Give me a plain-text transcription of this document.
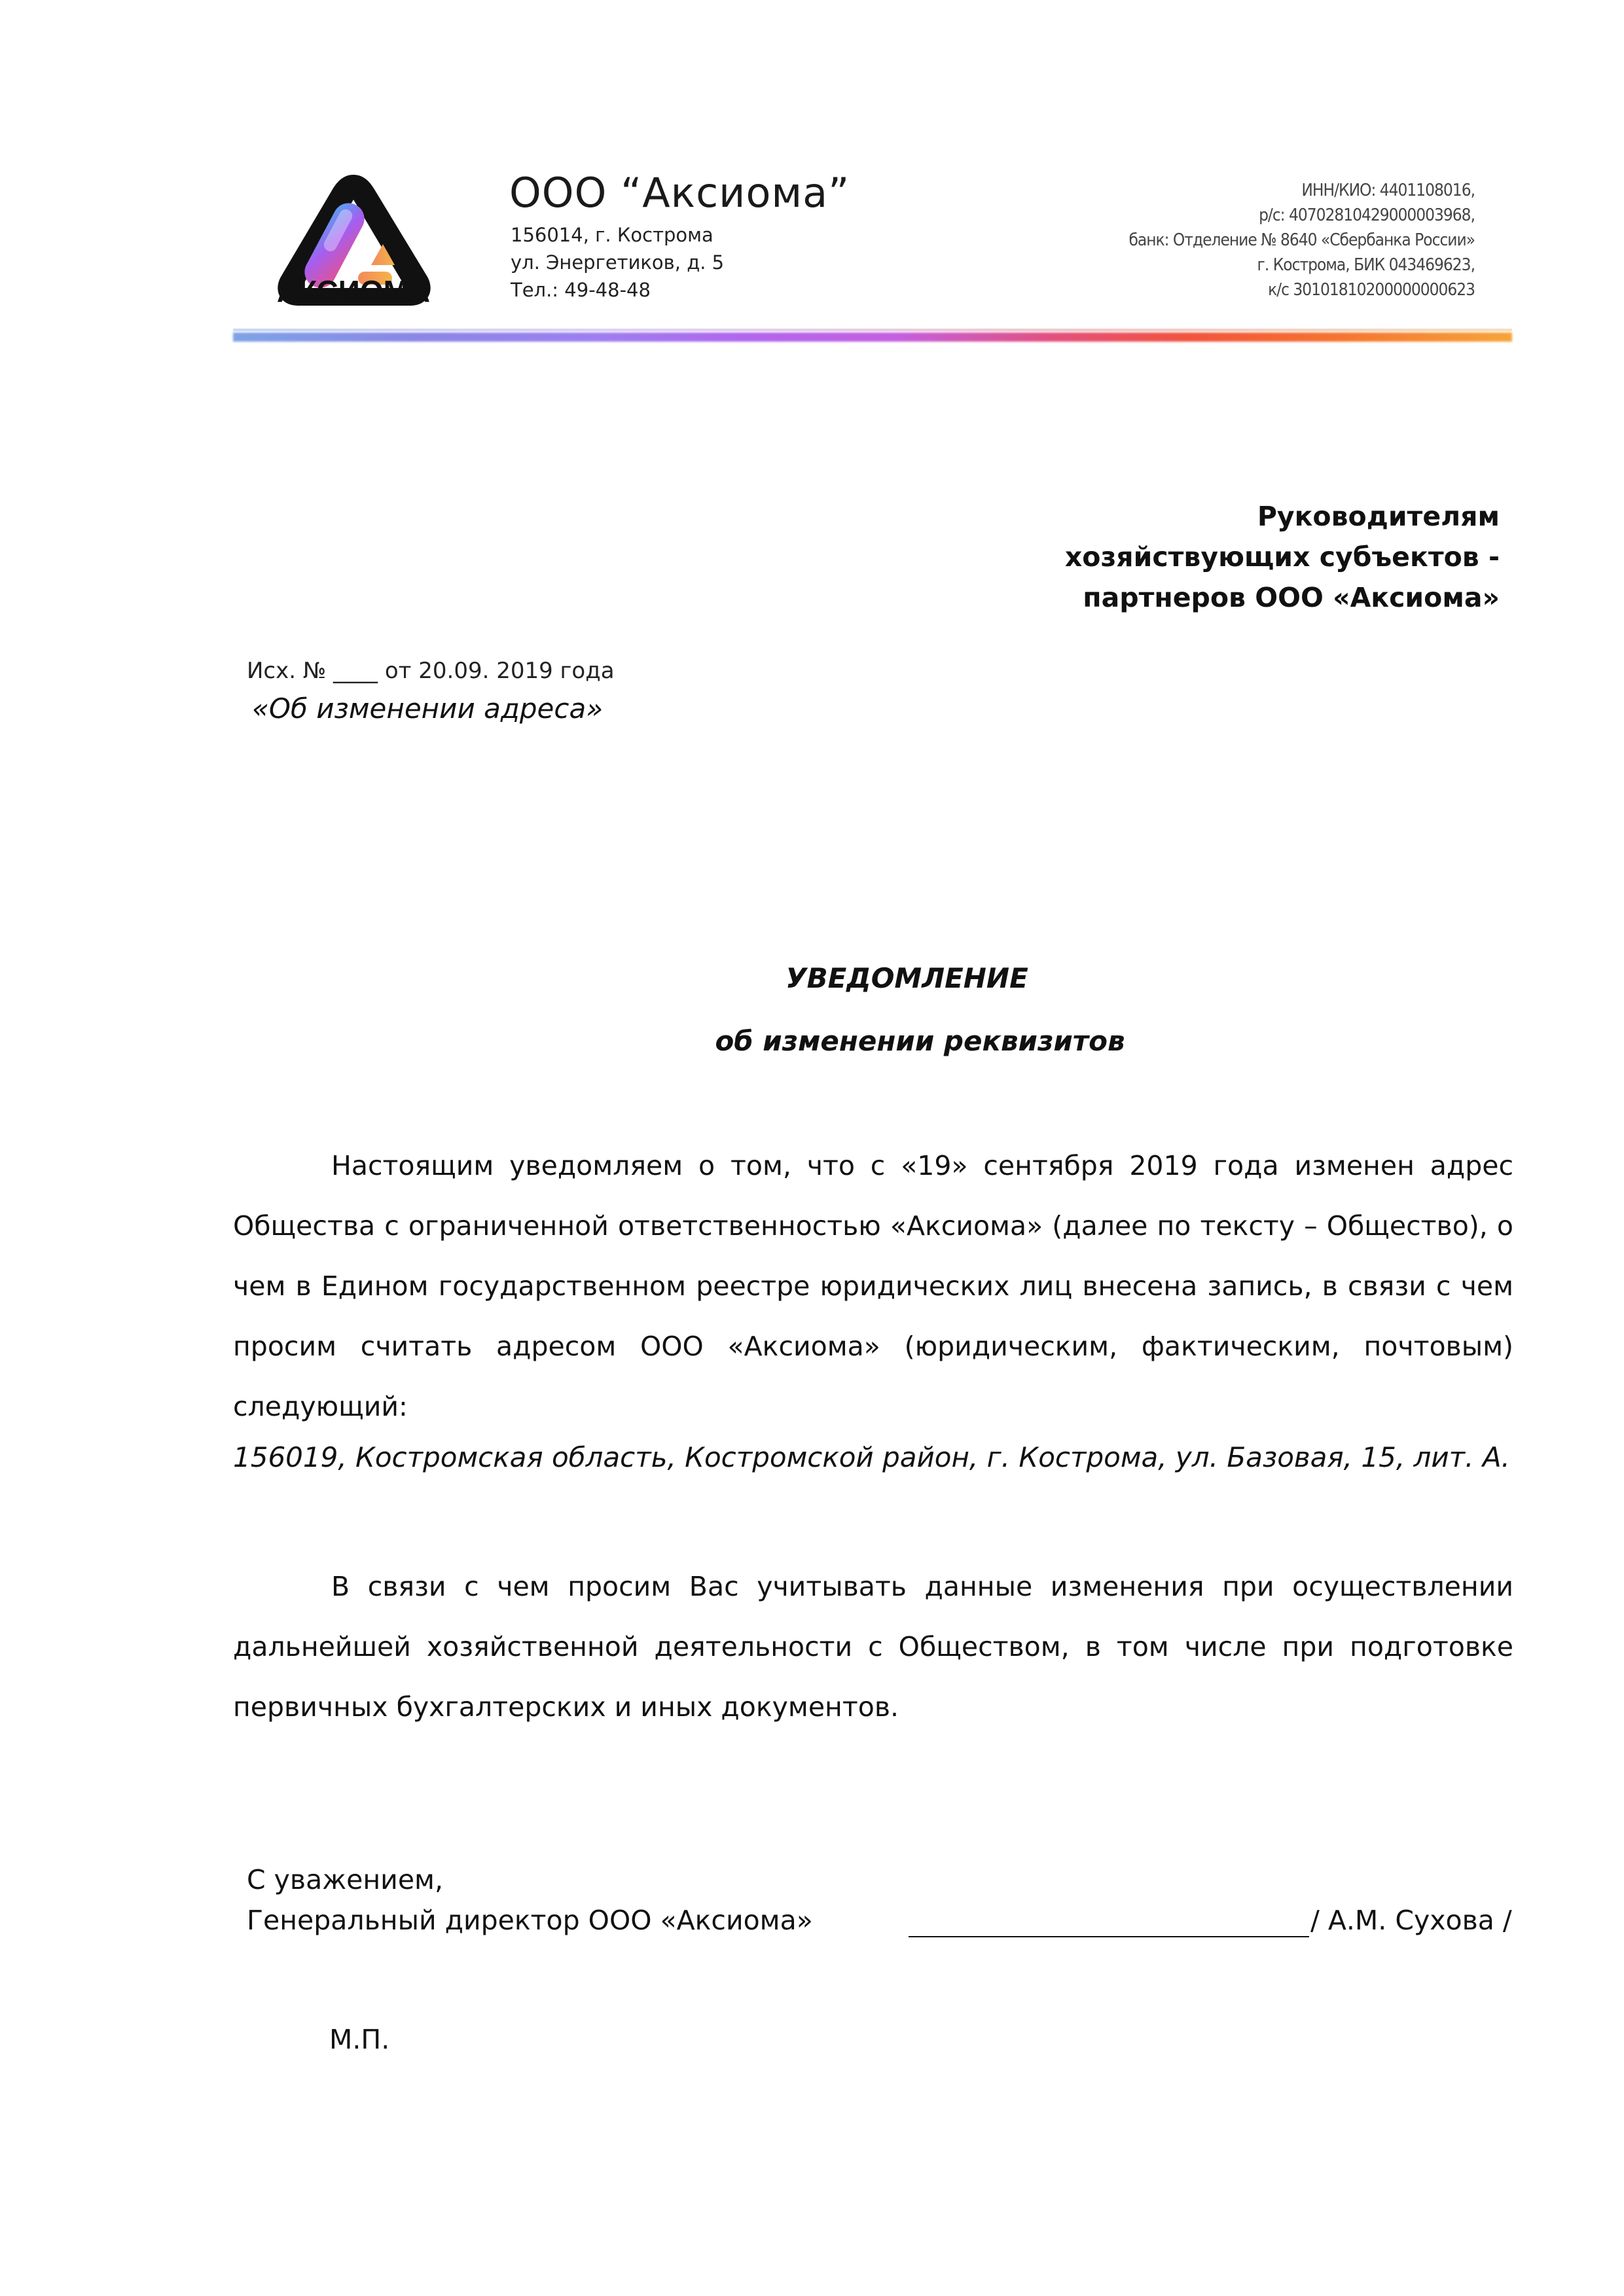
АКСИОМА
ООО “Аксиома”
156014, г. Кострома
ул. Энергетиков, д. 5
Тел.: 49-48-48
ИНН/КИО: 4401108016,
р/с: 40702810429000003968,
банк: Отделение № 8640 «Сбербанка России»
г. Кострома, БИК 043469623,
к/с 30101810200000000623
Руководителям
хозяйствующих субъектов -
партнеров ООО «Аксиома»
Исх. № ____ от 20.09. 2019 года
«Об изменении адреса»
УВЕДОМЛЕНИЕ
об изменении реквизитов
Настоящим уведомляем о том, что с «19» сентября 2019 года изменен адрес Общества с ограниченной ответственностью «Аксиома» (далее по тексту – Общество), о чем в Едином государственном реестре юридических лиц внесена запись, в связи с чем просим считать адресом ООО «Аксиома» (юридическим, фактическим, почтовым) следующий:
156019, Костромская область, Костромской район, г. Кострома, ул. Базовая, 15, лит. А.
В связи с чем просим Вас учитывать данные изменения при осуществлении дальнейшей хозяйственной деятельности с Обществом, в том числе при подготовке первичных бухгалтерских и иных документов.
С уважением,
Генеральный директор ООО «Аксиома»	/ А.М. Сухова /
М.П.
